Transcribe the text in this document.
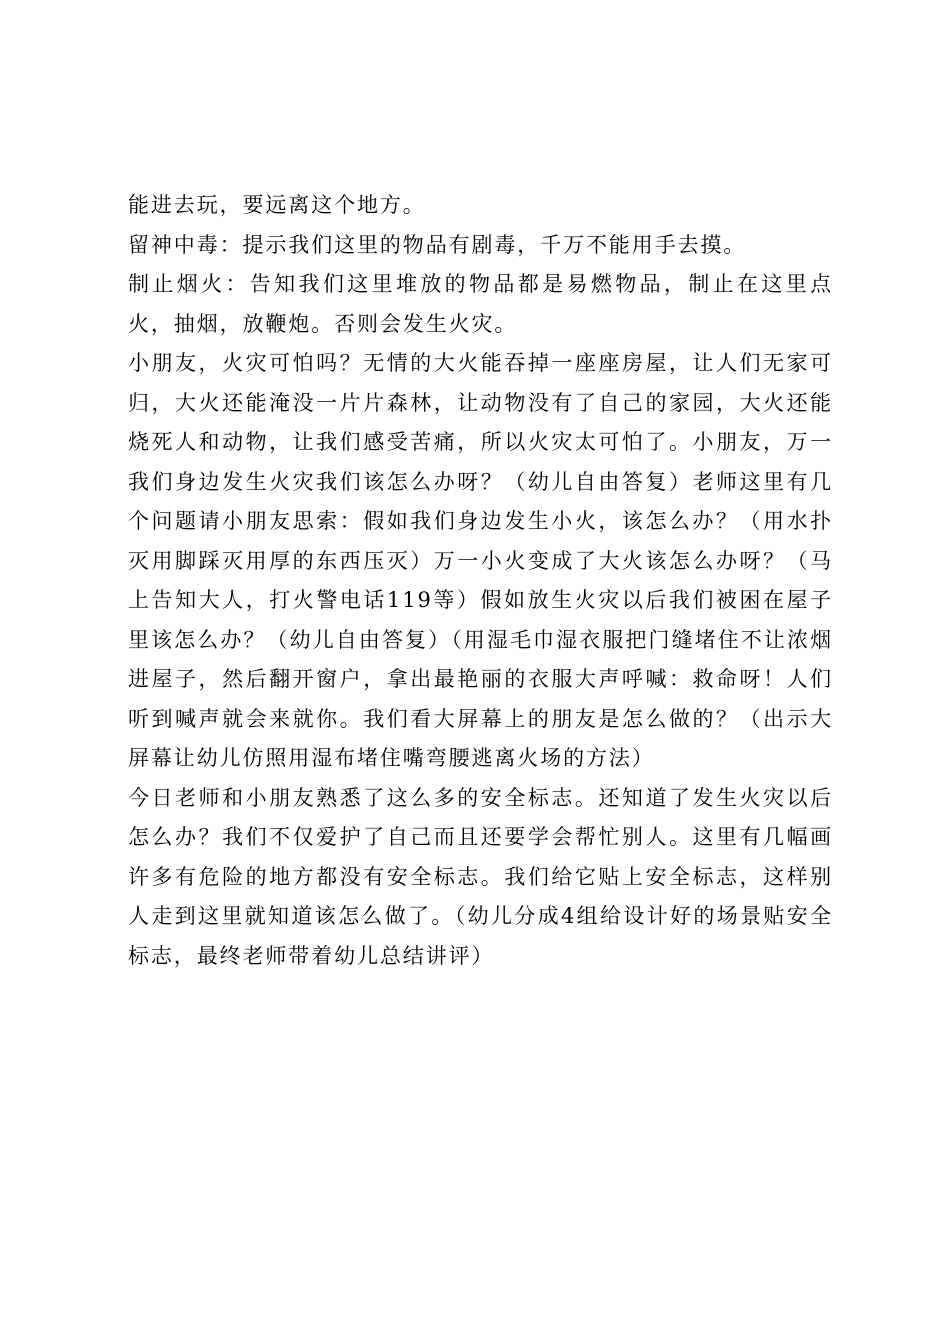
能进去玩，要远离这个地方。

留神中毒：提示我们这里的物品有剧毒，千万不能用手去摸。

制止烟火：告知我们这里堆放的物品都是易燃物品，制止在这里点火，抽烟，放鞭炮。否则会发生火灾。

小朋友，火灾可怕吗？无情的大火能吞掉一座座房屋，让人们无家可归，大火还能淹没一片片森林，让动物没有了自己的家园，大火还能烧死人和动物，让我们感受苦痛，所以火灾太可怕了。小朋友，万一我们身边发生火灾我们该怎么办呀？（幼儿自由答复）老师这里有几个问题请小朋友思索：假如我们身边发生小火，该怎么办？（用水扑灭用脚踩灭用厚的东西压灭）万一小火变成了大火该怎么办呀？（马上告知大人，打火警电话119等）假如放生火灾以后我们被困在屋子里该怎么办？（幼儿自由答复）（用湿毛巾湿衣服把门缝堵住不让浓烟进屋子，然后翻开窗户，拿出最艳丽的衣服大声呼喊：救命呀！人们听到喊声就会来就你。我们看大屏幕上的朋友是怎么做的？（出示大屏幕让幼儿仿照用湿布堵住嘴弯腰逃离火场的方法）

今日老师和小朋友熟悉了这么多的安全标志。还知道了发生火灾以后怎么办？我们不仅爱护了自己而且还要学会帮忙别人。这里有几幅画许多有危险的地方都没有安全标志。我们给它贴上安全标志，这样别人走到这里就知道该怎么做了。（幼儿分成4组给设计好的场景贴安全标志，最终老师带着幼儿总结讲评）
